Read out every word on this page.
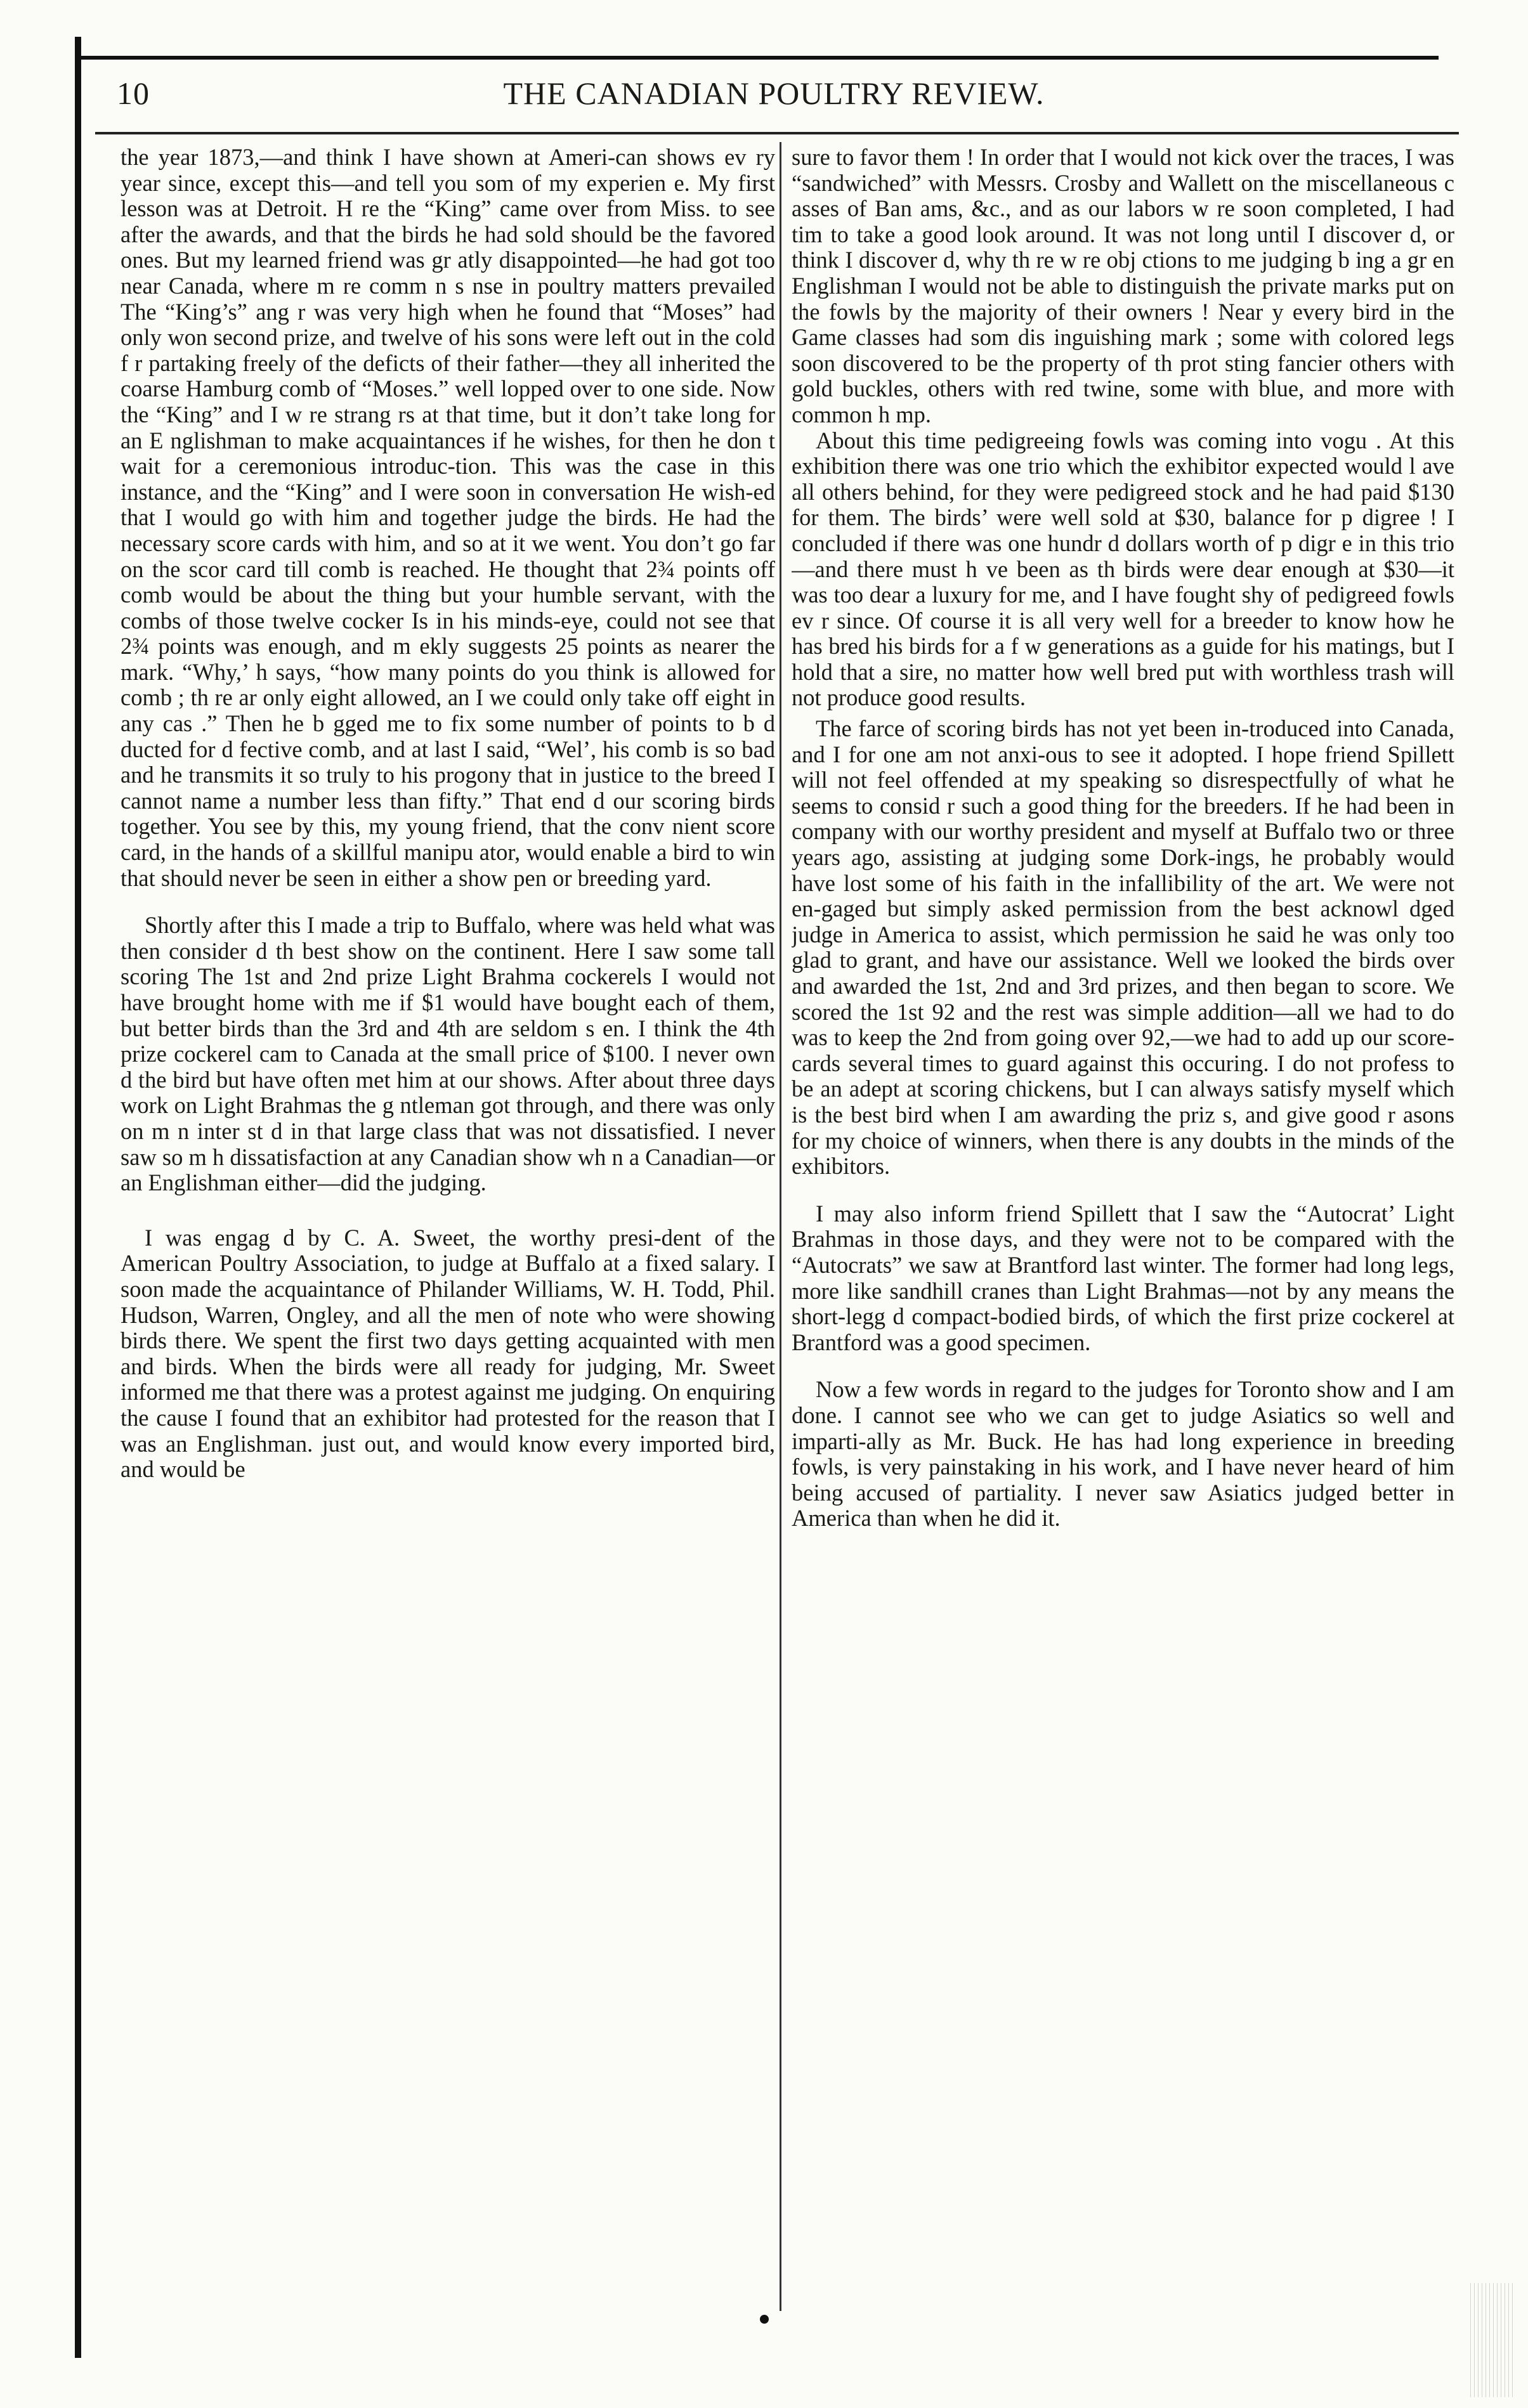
10	THE CANADIAN POULTRY REVIEW.

the year 1873,—and think I have shown at Ameri-can shows ev ry year since, except this—and tell you som of my experien e. My first lesson was at Detroit. H re the “King” came over from Miss. to see after the awards, and that the birds he had sold should be the favored ones. But my learned friend was gr atly disappointed—he had got too near Canada, where m re comm n s nse in poultry matters prevailed The “King’s” ang r was very high when he found that “Moses” had only won second prize, and twelve of his sons were left out in the cold f r partaking freely of the deficts of their father—they all inherited the coarse Hamburg comb of “Moses.” well lopped over to one side. Now the “King” and I w re strang rs at that time, but it don’t take long for an E nglishman to make acquaintances if he wishes, for then he don t wait for a ceremonious introduc-tion. This was the case in this instance, and the “King” and I were soon in conversation He wish-ed that I would go with him and together judge the birds. He had the necessary score cards with him, and so at it we went. You don’t go far on the scor card till comb is reached. He thought that 2¾ points off comb would be about the thing but your humble servant, with the combs of those twelve cocker Is in his minds-eye, could not see that 2¾ points was enough, and m ekly suggests 25 points as nearer the mark. “Why,’ h says, “how many points do you think is allowed for comb ; th re ar only eight allowed, an I we could only take off eight in any cas .” Then he b gged me to fix some number of points to b d ducted for d fective comb, and at last I said, “Wel’, his comb is so bad and he transmits it so truly to his progony that in justice to the breed I cannot name a number less than fifty.” That end d our scoring birds together. You see by this, my young friend, that the conv nient score card, in the hands of a skillful manipu ator, would enable a bird to win that should never be seen in either a show pen or breeding yard.

Shortly after this I made a trip to Buffalo, where was held what was then consider d th best show on the continent. Here I saw some tall scoring The 1st and 2nd prize Light Brahma cockerels I would not have brought home with me if $1 would have bought each of them, but better birds than the 3rd and 4th are seldom s en. I think the 4th prize cockerel cam to Canada at the small price of $100. I never own d the bird but have often met him at our shows. After about three days work on Light Brahmas the g ntleman got through, and there was only on m n inter st d in that large class that was not dissatisfied. I never saw so m h dissatisfaction at any Canadian show wh n a Canadian—or an Englishman either—did the judging.

I was engag d by C. A. Sweet, the worthy presi-dent of the American Poultry Association, to judge at Buffalo at a fixed salary. I soon made the acquaintance of Philander Williams, W. H. Todd, Phil. Hudson, Warren, Ongley, and all the men of note who were showing birds there. We spent the first two days getting acquainted with men and birds. When the birds were all ready for judging, Mr. Sweet informed me that there was a protest against me judging. On enquiring the cause I found that an exhibitor had protested for the reason that I was an Englishman. just out, and would know every imported bird, and would be

sure to favor them ! In order that I would not kick over the traces, I was “sandwiched” with Messrs. Crosby and Wallett on the miscellaneous c asses of Ban ams, &c., and as our labors w re soon completed, I had tim to take a good look around. It was not long until I discover d, or think I discover d, why th re w re obj ctions to me judging b ing a gr en Englishman I would not be able to distinguish the private marks put on the fowls by the majority of their owners ! Near y every bird in the Game classes had som dis inguishing mark ; some with colored legs soon discovered to be the property of th prot sting fancier others with gold buckles, others with red twine, some with blue, and more with common h mp.

About this time pedigreeing fowls was coming into vogu . At this exhibition there was one trio which the exhibitor expected would l ave all others behind, for they were pedigreed stock and he had paid $130 for them. The birds’ were well sold at $30, balance for p digree ! I concluded if there was one hundr d dollars worth of p digr e in this trio—and there must h ve been as th birds were dear enough at $30—it was too dear a luxury for me, and I have fought shy of pedigreed fowls ev r since. Of course it is all very well for a breeder to know how he has bred his birds for a f w generations as a guide for his matings, but I hold that a sire, no matter how well bred put with worthless trash will not produce good results.

The farce of scoring birds has not yet been in-troduced into Canada, and I for one am not anxi-ous to see it adopted. I hope friend Spillett will not feel offended at my speaking so disrespectfully of what he seems to consid r such a good thing for the breeders. If he had been in company with our worthy president and myself at Buffalo two or three years ago, assisting at judging some Dork-ings, he probably would have lost some of his faith in the infallibility of the art. We were not en-gaged but simply asked permission from the best acknowl dged judge in America to assist, which permission he said he was only too glad to grant, and have our assistance. Well we looked the birds over and awarded the 1st, 2nd and 3rd prizes, and then began to score. We scored the 1st 92 and the rest was simple addition—all we had to do was to keep the 2nd from going over 92,—we had to add up our score-cards several times to guard against this occuring. I do not profess to be an adept at scoring chickens, but I can always satisfy myself which is the best bird when I am awarding the priz s, and give good r asons for my choice of winners, when there is any doubts in the minds of the exhibitors.

I may also inform friend Spillett that I saw the “Autocrat’ Light Brahmas in those days, and they were not to be compared with the “Autocrats” we saw at Brantford last winter. The former had long legs, more like sandhill cranes than Light Brahmas—not by any means the short-legg d compact-bodied birds, of which the first prize cockerel at Brantford was a good specimen.

Now a few words in regard to the judges for Toronto show and I am done. I cannot see who we can get to judge Asiatics so well and imparti-ally as Mr. Buck. He has had long experience in breeding fowls, is very painstaking in his work, and I have never heard of him being accused of partiality. I never saw Asiatics judged better in America than when he did it.
